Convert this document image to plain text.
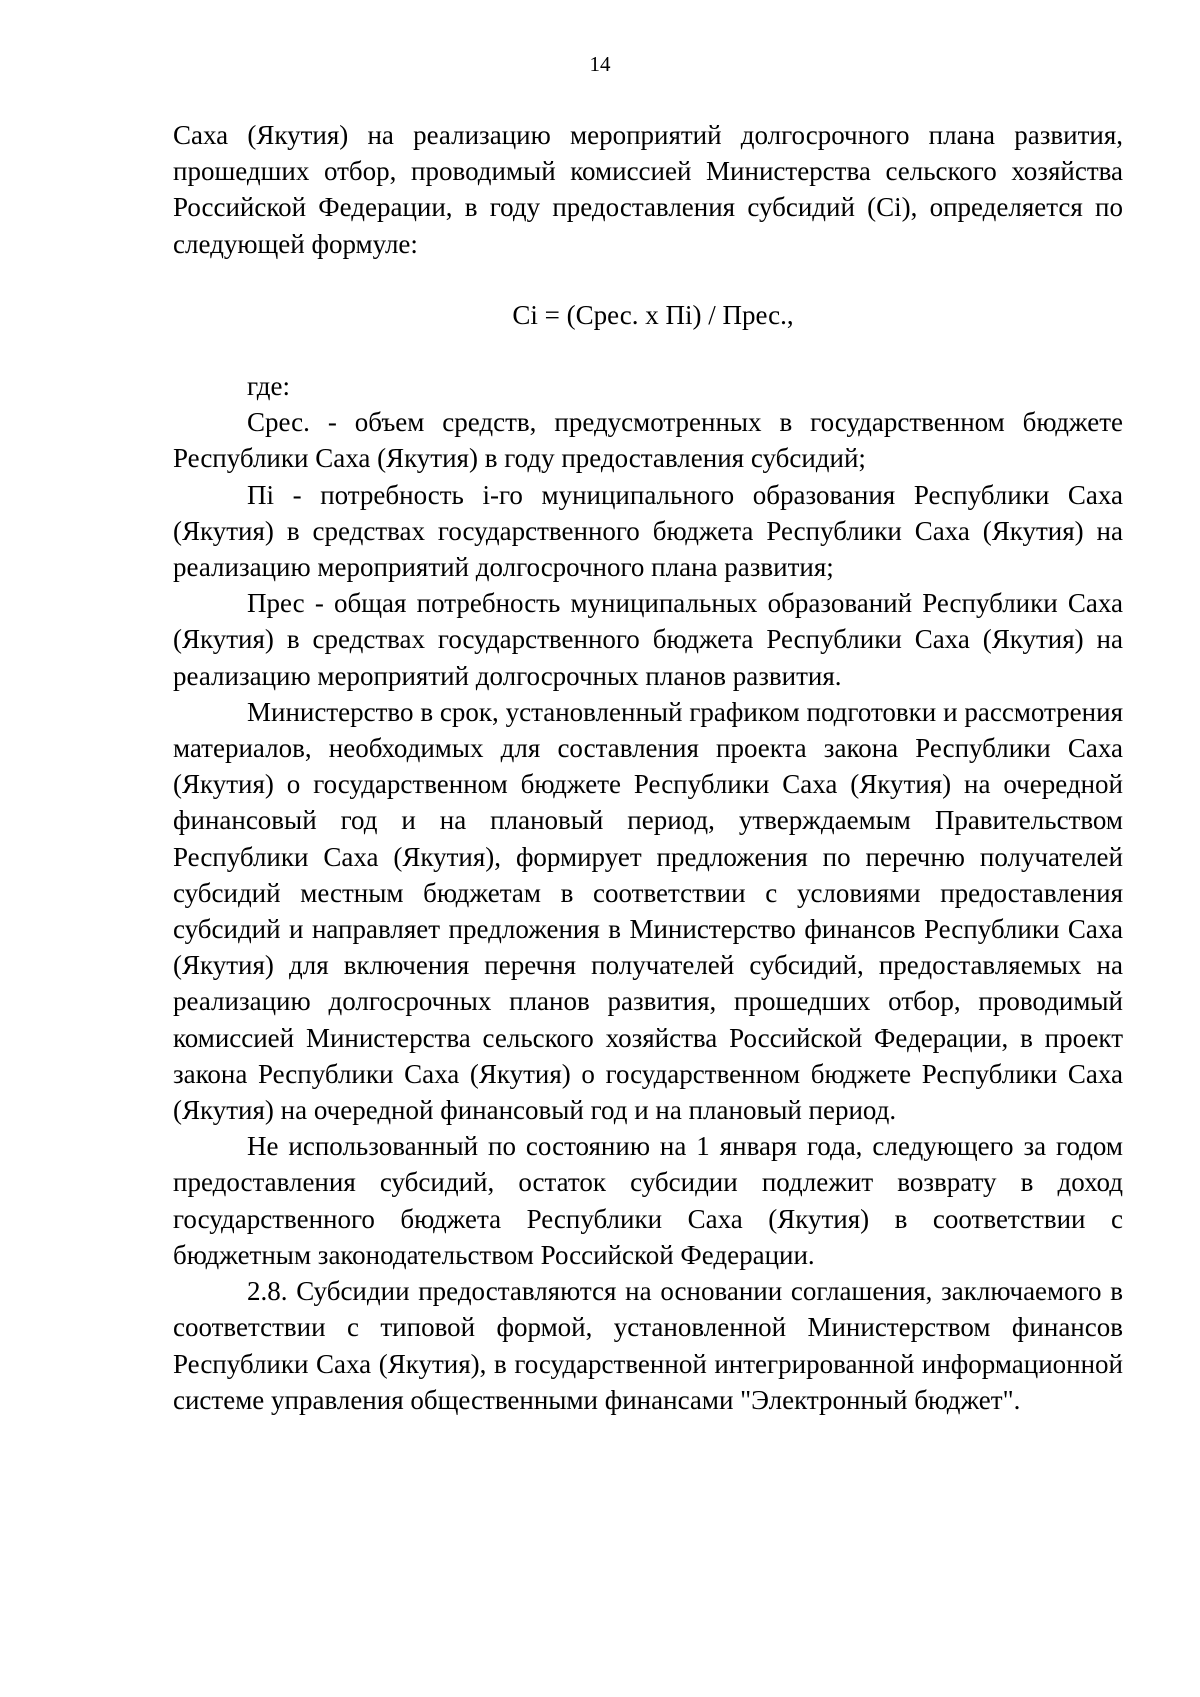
14

Саха (Якутия) на реализацию мероприятий долгосрочного плана развития, прошедших отбор, проводимый комиссией Министерства сельского хозяйства Российской Федерации, в году предоставления субсидий (Ci), определяется по следующей формуле:

Ci = (Срес. x Пi) / Прес.,

где:

Срес. - объем средств, предусмотренных в государственном бюджете Республики Саха (Якутия) в году предоставления субсидий;

Пi - потребность i-го муниципального образования Республики Саха (Якутия) в средствах государственного бюджета Республики Саха (Якутия) на реализацию мероприятий долгосрочного плана развития;

Прес - общая потребность муниципальных образований Республики Саха (Якутия) в средствах государственного бюджета Республики Саха (Якутия) на реализацию мероприятий долгосрочных планов развития.

Министерство в срок, установленный графиком подготовки и рассмотрения материалов, необходимых для составления проекта закона Республики Саха (Якутия) о государственном бюджете Республики Саха (Якутия) на очередной финансовый год и на плановый период, утверждаемым Правительством Республики Саха (Якутия), формирует предложения по перечню получателей субсидий местным бюджетам в соответствии с условиями предоставления субсидий и направляет предложения в Министерство финансов Республики Саха (Якутия) для включения перечня получателей субсидий, предоставляемых на реализацию долгосрочных планов развития, прошедших отбор, проводимый комиссией Министерства сельского хозяйства Российской Федерации, в проект закона Республики Саха (Якутия) о государственном бюджете Республики Саха (Якутия) на очередной финансовый год и на плановый период.

Не использованный по состоянию на 1 января года, следующего за годом предоставления субсидий, остаток субсидии подлежит возврату в доход государственного бюджета Республики Саха (Якутия) в соответствии с бюджетным законодательством Российской Федерации.

2.8. Субсидии предоставляются на основании соглашения, заключаемого в соответствии с типовой формой, установленной Министерством финансов Республики Саха (Якутия), в государственной интегрированной информационной системе управления общественными финансами "Электронный бюджет".
